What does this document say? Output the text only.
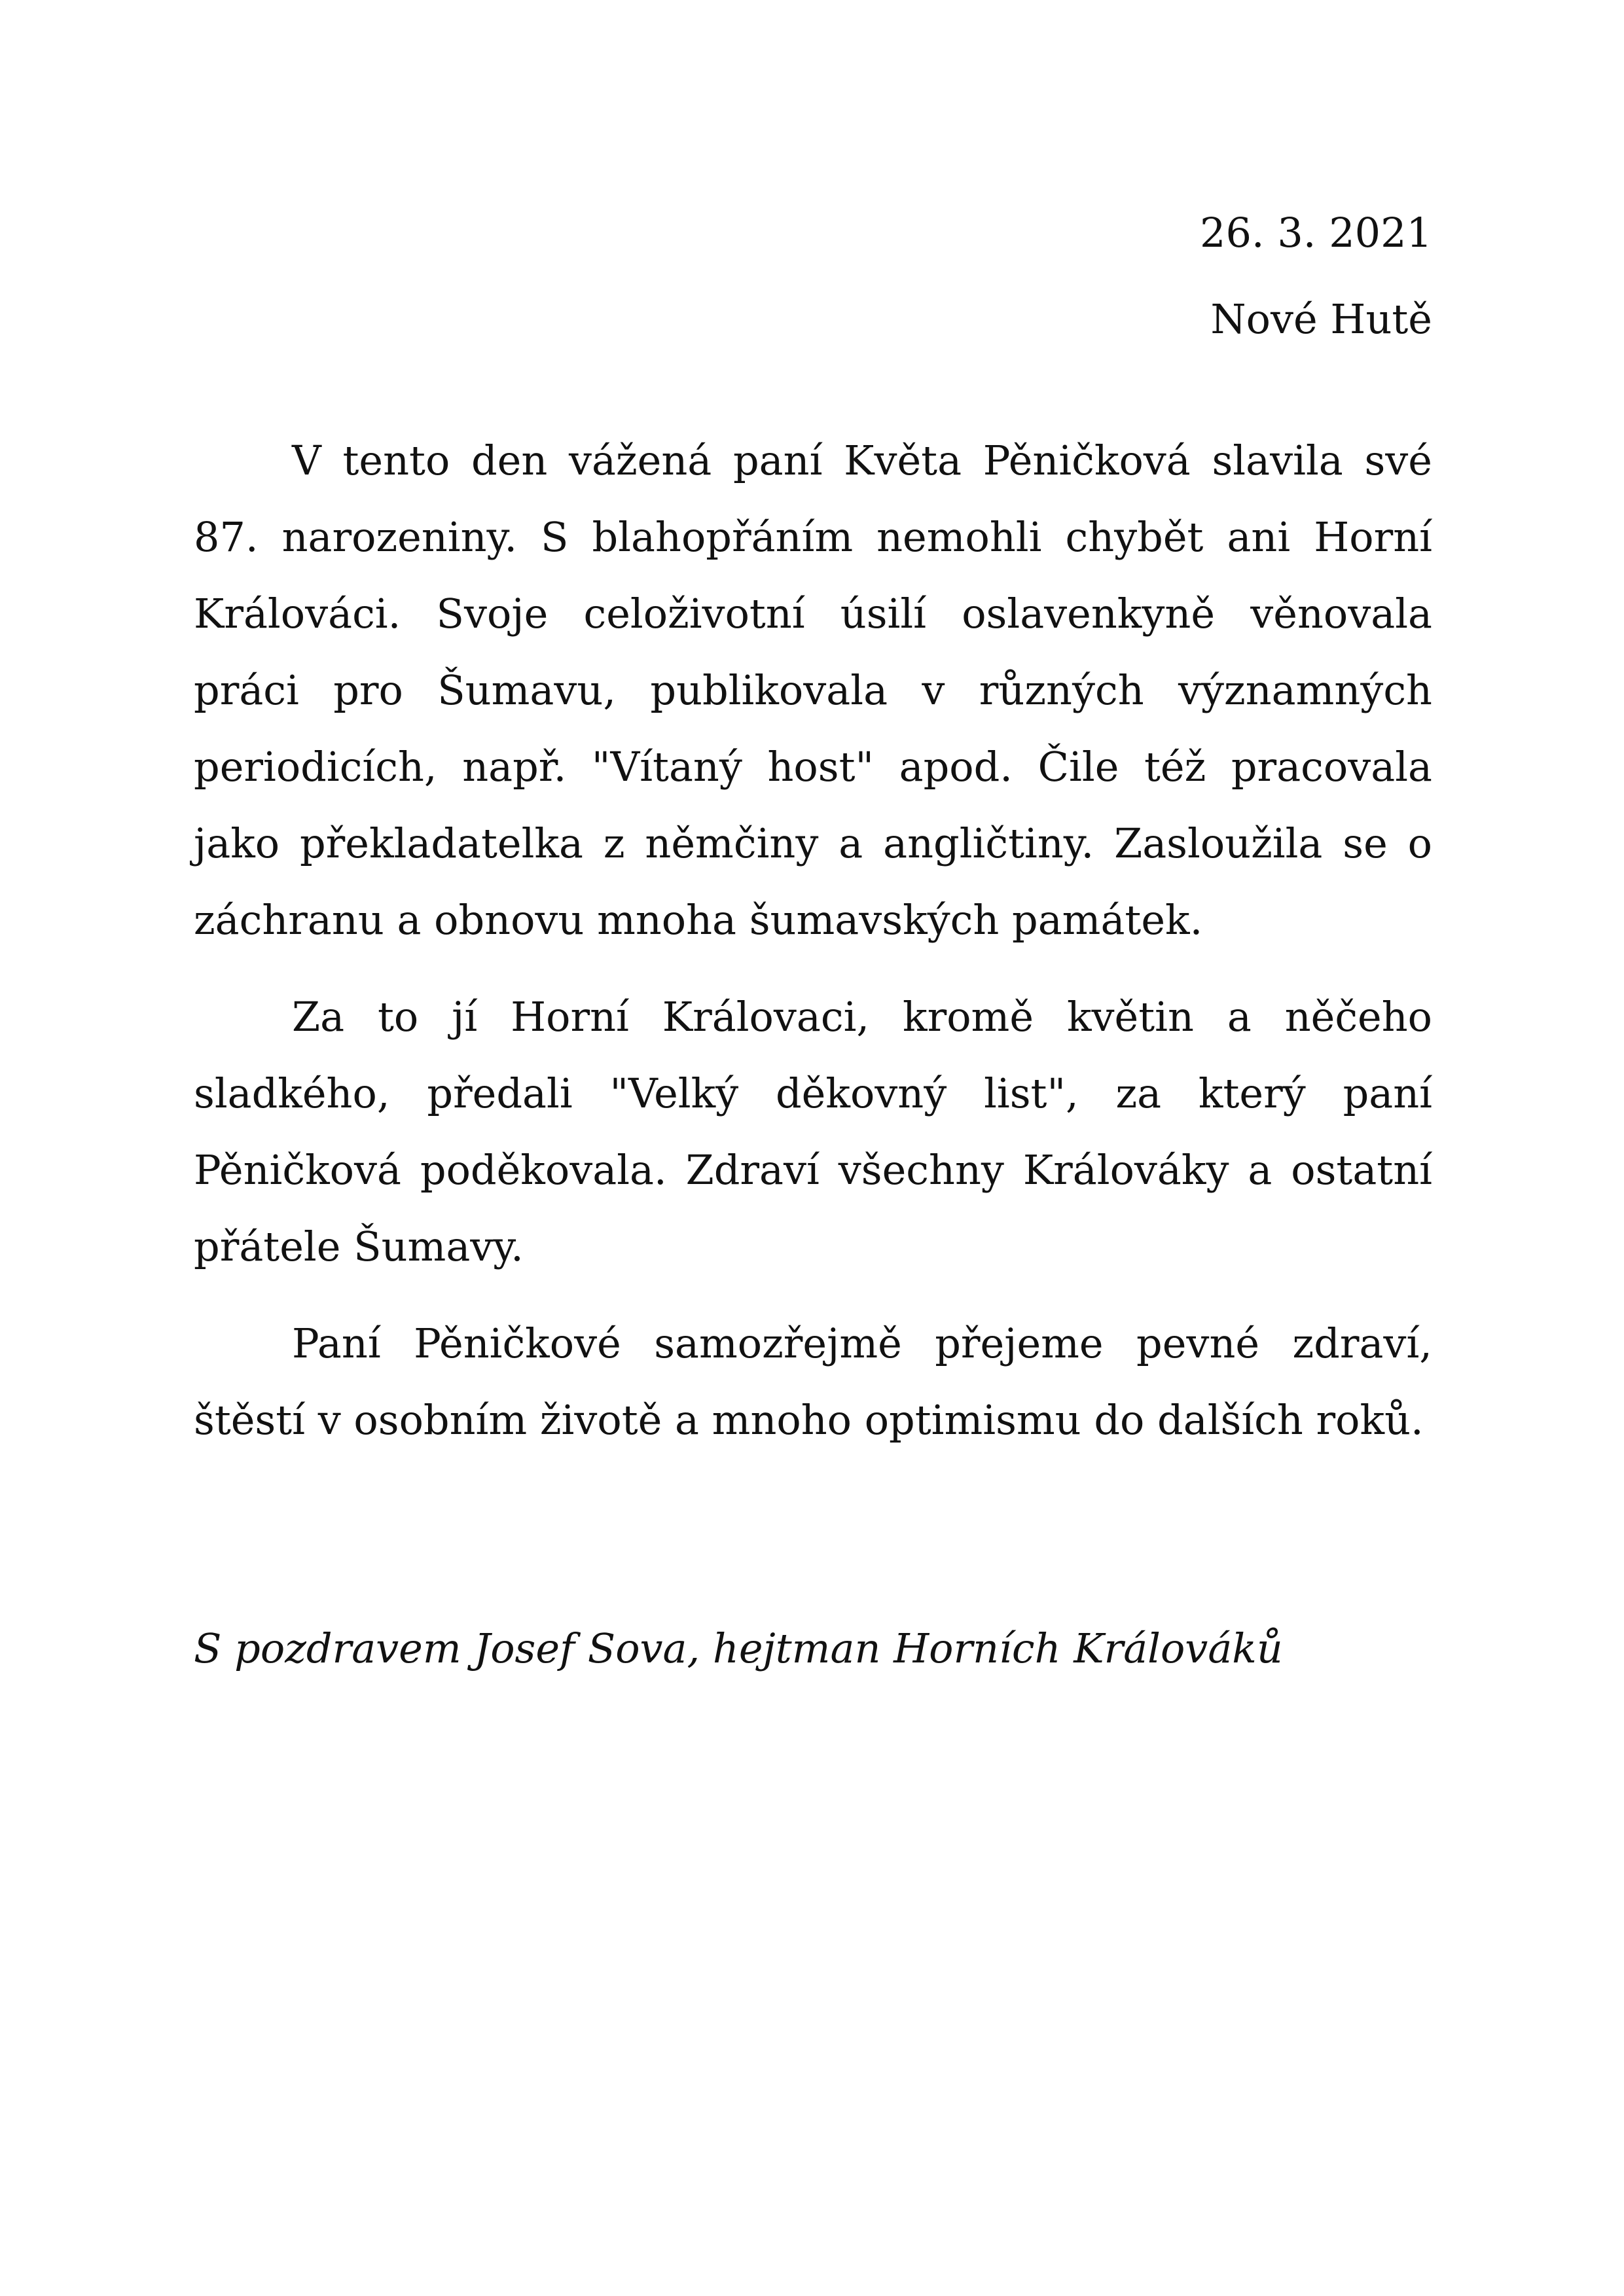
26. 3. 2021
Nové Hutě

V tento den vážená paní Květa Pěničková slavila své 87. narozeniny. S blahopřáním nemohli chybět ani Horní Králováci. Svoje celoživotní úsilí oslavenkyně věnovala práci pro Šumavu, publikovala v různých významných periodicích, např. "Vítaný host" apod. Čile též pracovala jako překladatelka z němčiny a angličtiny. Zasloužila se o záchranu a obnovu mnoha šumavských památek.

Za to jí Horní Královaci, kromě květin a něčeho sladkého, předali "Velký děkovný list", za který paní Pěničková poděkovala. Zdraví všechny Králováky a ostatní přátele Šumavy.

Paní Pěničkové samozřejmě přejeme pevné zdraví, štěstí v osobním životě a mnoho optimismu do dalších roků.

S pozdravem Josef Sova, hejtman Horních Králováků
